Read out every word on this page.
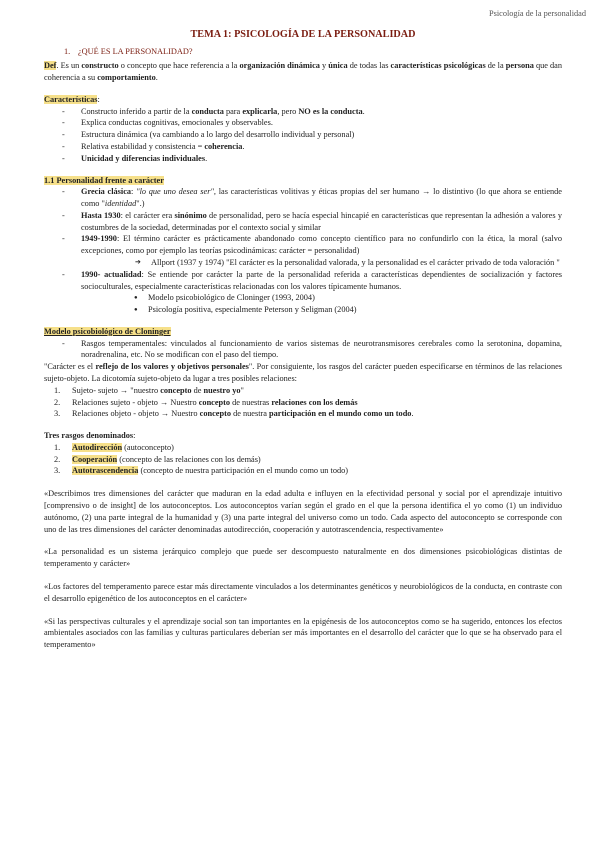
Psicología de la personalidad
TEMA 1: PSICOLOGÍA DE LA PERSONALIDAD
1. ¿QUÉ ES LA PERSONALIDAD?

Def. Es un constructo o concepto que hace referencia a la organización dinámica y única de todas las características psicológicas de la persona que dan coherencia a su comportamiento.

Características:

- Constructo inferido a partir de la conducta para explicarla, pero NO es la conducta.
- Explica conductas cognitivas, emocionales y observables.
- Estructura dinámica (va cambiando a lo largo del desarrollo individual y personal)
- Relativa estabilidad y consistencia = coherencia.
- Unicidad y diferencias individuales.

1.1 Personalidad frente a carácter

- Grecia clásica: "lo que uno desea ser", las características volitivas y éticas propias del ser humano → lo distintivo (lo que ahora se entiende como "identidad".)
- Hasta 1930: el carácter era sinónimo de personalidad, pero se hacía especial hincapié en características que representan la adhesión a valores y costumbres de la sociedad, determinadas por el contexto social y similar
- 1949-1990: El término carácter es prácticamente abandonado como concepto científico para no confundirlo con la ética, la moral (salvo excepciones, como por ejemplo las teorías psicodinámicas: carácter = personalidad)
➔ Allport (1937 y 1974) "El carácter es la personalidad valorada, y la personalidad es el carácter privado de toda valoración "
- 1990- actualidad: Se entiende por carácter la parte de la personalidad referida a características dependientes de socialización y factores socioculturales, especialmente características relacionadas con los valores típicamente humanos.
● Modelo psicobiológico de Cloninger (1993, 2004)
● Psicología positiva, especialmente Peterson y Seligman (2004)

Modelo psicobiológico de Cloninger

- Rasgos temperamentales: vinculados al funcionamiento de varios sistemas de neurotransmisores cerebrales como la serotonina, dopamina, noradrenalina, etc. No se modifican con el paso del tiempo.

"Carácter es el reflejo de los valores y objetivos personales". Por consiguiente, los rasgos del carácter pueden especificarse en términos de las relaciones sujeto-objeto. La dicotomía sujeto-objeto da lugar a tres posibles relaciones:

1. Sujeto- sujeto → "nuestro concepto de nuestro yo"
2. Relaciones sujeto - objeto → Nuestro concepto de nuestras relaciones con los demás
3. Relaciones objeto - objeto → Nuestro concepto de nuestra participación en el mundo como un todo.

Tres rasgos denominados:

1. Autodirección (autoconcepto)
2. Cooperación (concepto de las relaciones con los demás)
3. Autotrascendencia (concepto de nuestra participación en el mundo como un todo)

«Describimos tres dimensiones del carácter que maduran en la edad adulta e influyen en la efectividad personal y social por el aprendizaje intuitivo [comprensivo o de insight] de los autoconceptos. Los autoconceptos varían según el grado en el que la persona identifica el yo como (1) un individuo autónomo, (2) una parte integral de la humanidad y (3) una parte integral del universo como un todo. Cada aspecto del autoconcepto se corresponde con uno de las tres dimensiones del carácter denominadas autodirección, cooperación y autotrascendencia, respectivamente»

«La personalidad es un sistema jerárquico complejo que puede ser descompuesto naturalmente en dos dimensiones psicobiológicas distintas de temperamento y carácter»

«Los factores del temperamento parece estar más directamente vinculados a los determinantes genéticos y neurobiológicos de la conducta, en contraste con el desarrollo epigenético de los autoconceptos en el carácter»

«Si las perspectivas culturales y el aprendizaje social son tan importantes en la epigénesis de los autoconceptos como se ha sugerido, entonces los efectos ambientales asociados con las familias y culturas particulares deberían ser más importantes en el desarrollo del carácter que lo que se ha observado para el temperamento»
